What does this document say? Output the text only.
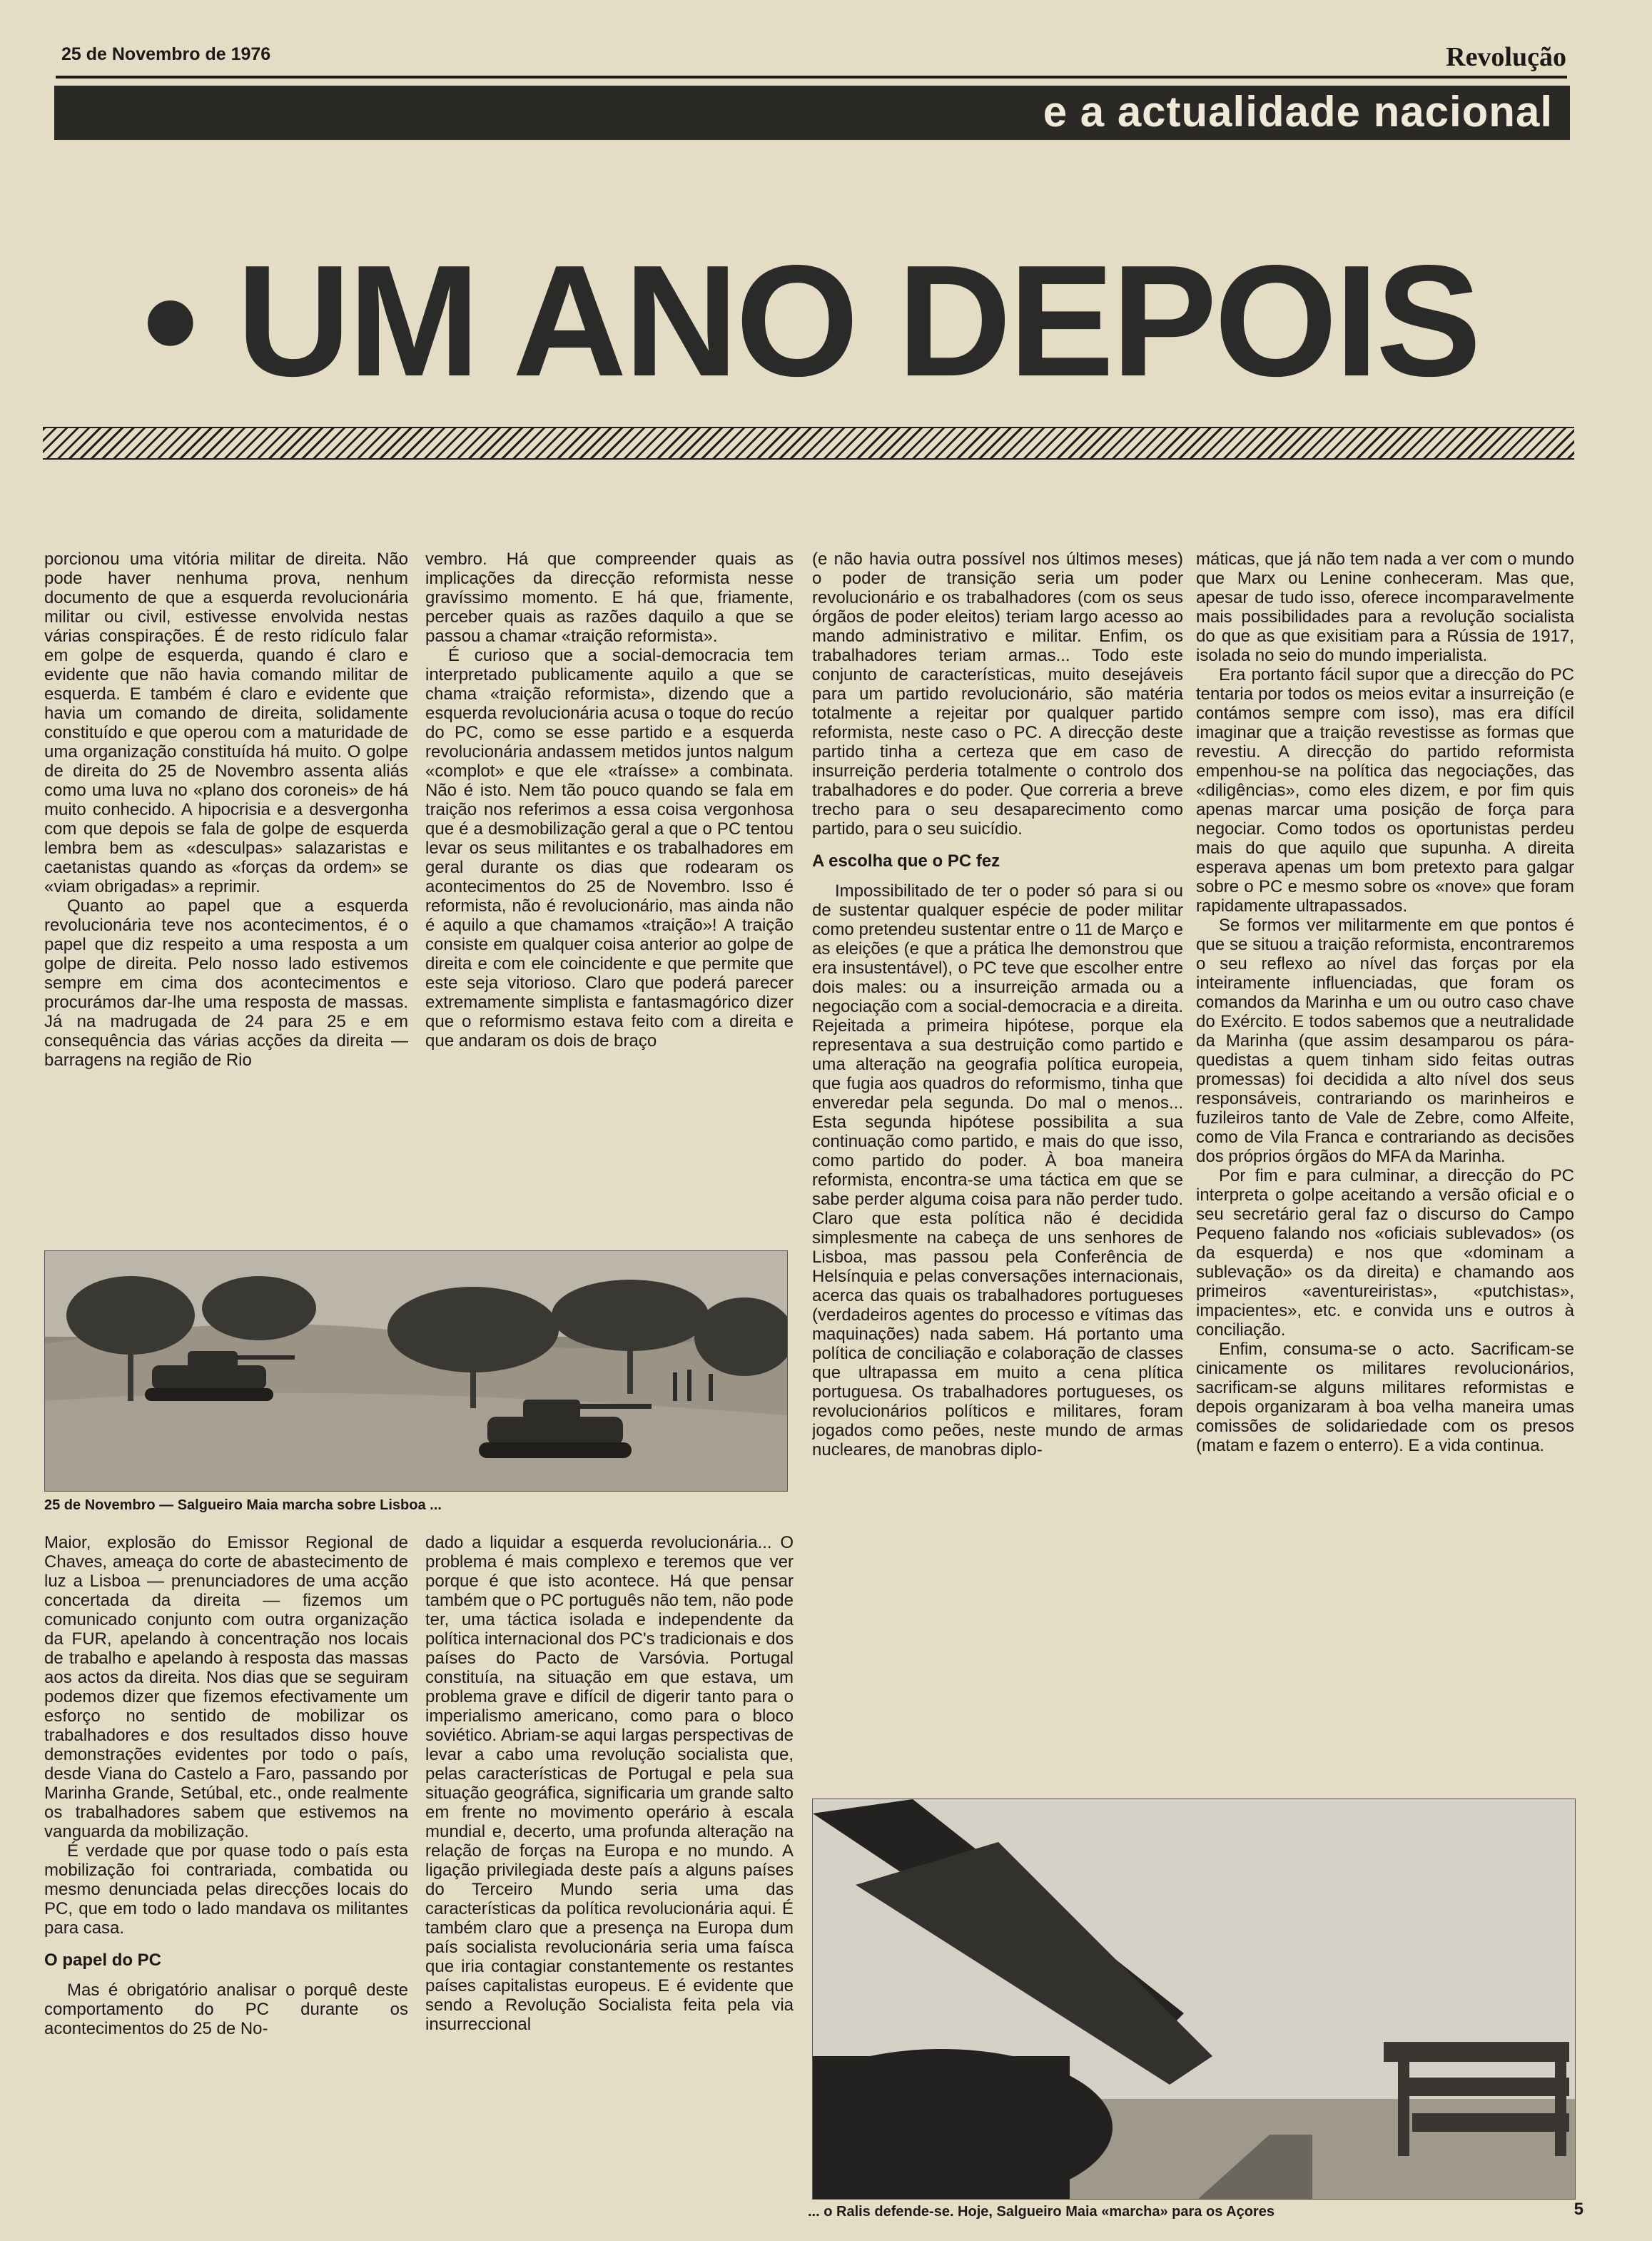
25 de Novembro de 1976	Revolução
e a actualidade nacional
• UM ANO DEPOIS

porcionou uma vitória militar de direita. Não pode haver nenhuma prova, nenhum documento de que a esquerda revolucionária militar ou civil, estivesse envolvida nestas várias conspirações. É de resto ridículo falar em golpe de esquerda, quando é claro e evidente que não havia comando militar de esquerda. E também é claro e evidente que havia um comando de direita, solidamente constituído e que operou com a maturidade de uma organização constituída há muito. O golpe de direita do 25 de Novembro assenta aliás como uma luva no «plano dos coroneis» de há muito conhecido. A hipocrisia e a desvergonha com que depois se fala de golpe de esquerda lembra bem as «desculpas» salazaristas e caetanistas quando as «forças da ordem» se «viam obrigadas» a reprimir.

Quanto ao papel que a esquerda revolucionária teve nos acontecimentos, é o papel que diz respeito a uma resposta a um golpe de direita. Pelo nosso lado estivemos sempre em cima dos acontecimentos e procurámos dar-lhe uma resposta de massas. Já na madrugada de 24 para 25 e em consequência das várias acções da direita — barragens na região de Rio

vembro. Há que compreender quais as implicações da direcção reformista nesse gravíssimo momento. E há que, friamente, perceber quais as razões daquilo a que se passou a chamar «traição reformista».

É curioso que a social-democracia tem interpretado publicamente aquilo a que se chama «traição reformista», dizendo que a esquerda revolucionária acusa o toque do recúo do PC, como se esse partido e a esquerda revolucionária andassem metidos juntos nalgum «complot» e que ele «traísse» a combinata. Não é isto. Nem tão pouco quando se fala em traição nos referimos a essa coisa vergonhosa que é a desmobilização geral a que o PC tentou levar os seus militantes e os trabalhadores em geral durante os dias que rodearam os acontecimentos do 25 de Novembro. Isso é reformista, não é revolucionário, mas ainda não é aquilo a que chamamos «traição»! A traição consiste em qualquer coisa anterior ao golpe de direita e com ele coincidente e que permite que este seja vitorioso. Claro que poderá parecer extremamente simplista e fantasmagórico dizer que o reformismo estava feito com a direita e que andaram os dois de braço

(e não havia outra possível nos últimos meses) o poder de transição seria um poder revolucionário e os trabalhadores (com os seus órgãos de poder eleitos) teriam largo acesso ao mando administrativo e militar. Enfim, os trabalhadores teriam armas... Todo este conjunto de características, muito desejáveis para um partido revolucionário, são matéria totalmente a rejeitar por qualquer partido reformista, neste caso o PC. A direcção deste partido tinha a certeza que em caso de insurreição perderia totalmente o controlo dos trabalhadores e do poder. Que correria a breve trecho para o seu desaparecimento como partido, para o seu suicídio.

A escolha que o PC fez

Impossibilitado de ter o poder só para si ou de sustentar qualquer espécie de poder militar como pretendeu sustentar entre o 11 de Março e as eleições (e que a prática lhe demonstrou que era insustentável), o PC teve que escolher entre dois males: ou a insurreição armada ou a negociação com a social-democracia e a direita. Rejeitada a primeira hipótese, porque ela representava a sua destruição como partido e uma alteração na geografia política europeia, que fugia aos quadros do reformismo, tinha que enveredar pela segunda. Do mal o menos... Esta segunda hipótese possibilita a sua continuação como partido, e mais do que isso, como partido do poder. À boa maneira reformista, encontra-se uma táctica em que se sabe perder alguma coisa para não perder tudo. Claro que esta política não é decidida simplesmente na cabeça de uns senhores de Lisboa, mas passou pela Conferência de Helsínquia e pelas conversações internacionais, acerca das quais os trabalhadores portugueses (verdadeiros agentes do processo e vítimas das maquinações) nada sabem. Há portanto uma política de conciliação e colaboração de classes que ultrapassa em muito a cena plítica portuguesa. Os trabalhadores portugueses, os revolucionários políticos e militares, foram jogados como peões, neste mundo de armas nucleares, de manobras diplo-

máticas, que já não tem nada a ver com o mundo que Marx ou Lenine conheceram. Mas que, apesar de tudo isso, oferece incomparavelmente mais possibilidades para a revolução socialista do que as que exisitiam para a Rússia de 1917, isolada no seio do mundo imperialista.

Era portanto fácil supor que a direcção do PC tentaria por todos os meios evitar a insurreição (e contámos sempre com isso), mas era difícil imaginar que a traição revestisse as formas que revestiu. A direcção do partido reformista empenhou-se na política das negociações, das «diligências», como eles dizem, e por fim quis apenas marcar uma posição de força para negociar. Como todos os oportunistas perdeu mais do que aquilo que supunha. A direita esperava apenas um bom pretexto para galgar sobre o PC e mesmo sobre os «nove» que foram rapidamente ultrapassados.

Se formos ver militarmente em que pontos é que se situou a traição reformista, encontraremos o seu reflexo ao nível das forças por ela inteiramente influenciadas, que foram os comandos da Marinha e um ou outro caso chave do Exército. E todos sabemos que a neutralidade da Marinha (que assim desamparou os pára-quedistas a quem tinham sido feitas outras promessas) foi decidida a alto nível dos seus responsáveis, contrariando os marinheiros e fuzileiros tanto de Vale de Zebre, como Alfeite, como de Vila Franca e contrariando as decisões dos próprios órgãos do MFA da Marinha.

Por fim e para culminar, a direcção do PC interpreta o golpe aceitando a versão oficial e o seu secretário geral faz o discurso do Campo Pequeno falando nos «oficiais sublevados» (os da esquerda) e nos que «dominam a sublevação» os da direita) e chamando aos primeiros «aventureiristas», «putchistas», impacientes», etc. e convida uns e outros à conciliação.

Enfim, consuma-se o acto. Sacrificam-se cinicamente os militares revolucionários, sacrificam-se alguns militares reformistas e depois organizaram à boa velha maneira umas comissões de solidariedade com os presos (matam e fazem o enterro). E a vida continua.

25 de Novembro — Salgueiro Maia marcha sobre Lisboa ...

Maior, explosão do Emissor Regional de Chaves, ameaça do corte de abastecimento de luz a Lisboa — prenunciadores de uma acção concertada da direita — fizemos um comunicado conjunto com outra organização da FUR, apelando à concentração nos locais de trabalho e apelando à resposta das massas aos actos da direita. Nos dias que se seguiram podemos dizer que fizemos efectivamente um esforço no sentido de mobilizar os trabalhadores e dos resultados disso houve demonstrações evidentes por todo o país, desde Viana do Castelo a Faro, passando por Marinha Grande, Setúbal, etc., onde realmente os trabalhadores sabem que estivemos na vanguarda da mobilização.

É verdade que por quase todo o país esta mobilização foi contrariada, combatida ou mesmo denunciada pelas direcções locais do PC, que em todo o lado mandava os militantes para casa.

O papel do PC

Mas é obrigatório analisar o porquê deste comportamento do PC durante os acontecimentos do 25 de No-

dado a liquidar a esquerda revolucionária... O problema é mais complexo e teremos que ver porque é que isto acontece. Há que pensar também que o PC português não tem, não pode ter, uma táctica isolada e independente da política internacional dos PC's tradicionais e dos países do Pacto de Varsóvia. Portugal constituía, na situação em que estava, um problema grave e difícil de digerir tanto para o imperialismo americano, como para o bloco soviético. Abriam-se aqui largas perspectivas de levar a cabo uma revolução socialista que, pelas características de Portugal e pela sua situação geográfica, significaria um grande salto em frente no movimento operário à escala mundial e, decerto, uma profunda alteração na relação de forças na Europa e no mundo. A ligação privilegiada deste país a alguns países do Terceiro Mundo seria uma das características da política revolucionária aqui. É também claro que a presença na Europa dum país socialista revolucionária seria uma faísca que iria contagiar constantemente os restantes países capitalistas europeus. E é evidente que sendo a Revolução Socialista feita pela via insurreccional

... o Ralis defende-se. Hoje, Salgueiro Maia «marcha» para os Açores	5
